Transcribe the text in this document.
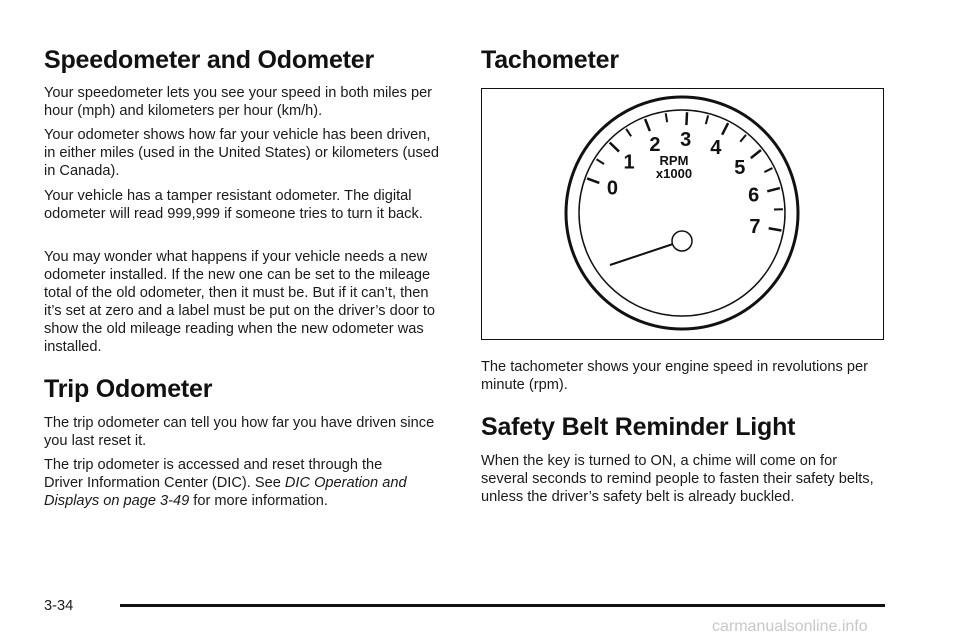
Speedometer and Odometer

Your speedometer lets you see your speed in both miles per hour (mph) and kilometers per hour (km/h).

Your odometer shows how far your vehicle has been driven, in either miles (used in the United States) or kilometers (used in Canada).

Your vehicle has a tamper resistant odometer. The digital odometer will read 999,999 if someone tries to turn it back.

You may wonder what happens if your vehicle needs a new odometer installed. If the new one can be set to the mileage total of the old odometer, then it must be. But if it can’t, then it’s set at zero and a label must be put on the driver’s door to show the old mileage reading when the new odometer was installed.

Trip Odometer

The trip odometer can tell you how far you have driven since you last reset it.

The trip odometer is accessed and reset through the Driver Information Center (DIC). See DIC Operation and Displays on page 3-49 for more information.

Tachometer
0
1
2 3 4
5
6
7
RPM
x1000

The tachometer shows your engine speed in revolutions per minute (rpm).

Safety Belt Reminder Light

When the key is turned to ON, a chime will come on for several seconds to remind people to fasten their safety belts, unless the driver’s safety belt is already buckled.

3-34
carmanualsonline.info
